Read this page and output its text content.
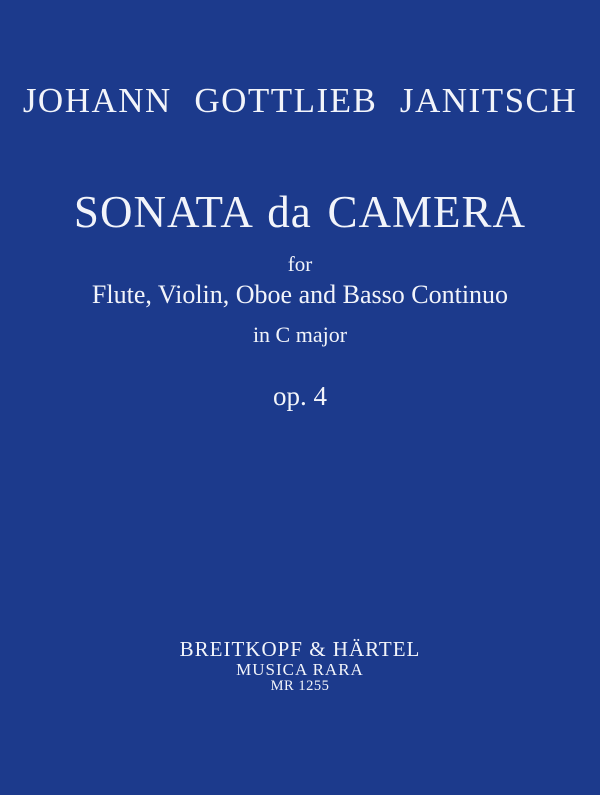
JOHANN GOTTLIEB JANITSCH
SONATA da CAMERA
for
Flute, Violin, Oboe and Basso Continuo
in C major
op. 4
BREITKOPF & HÄRTEL
MUSICA RARA
MR 1255
